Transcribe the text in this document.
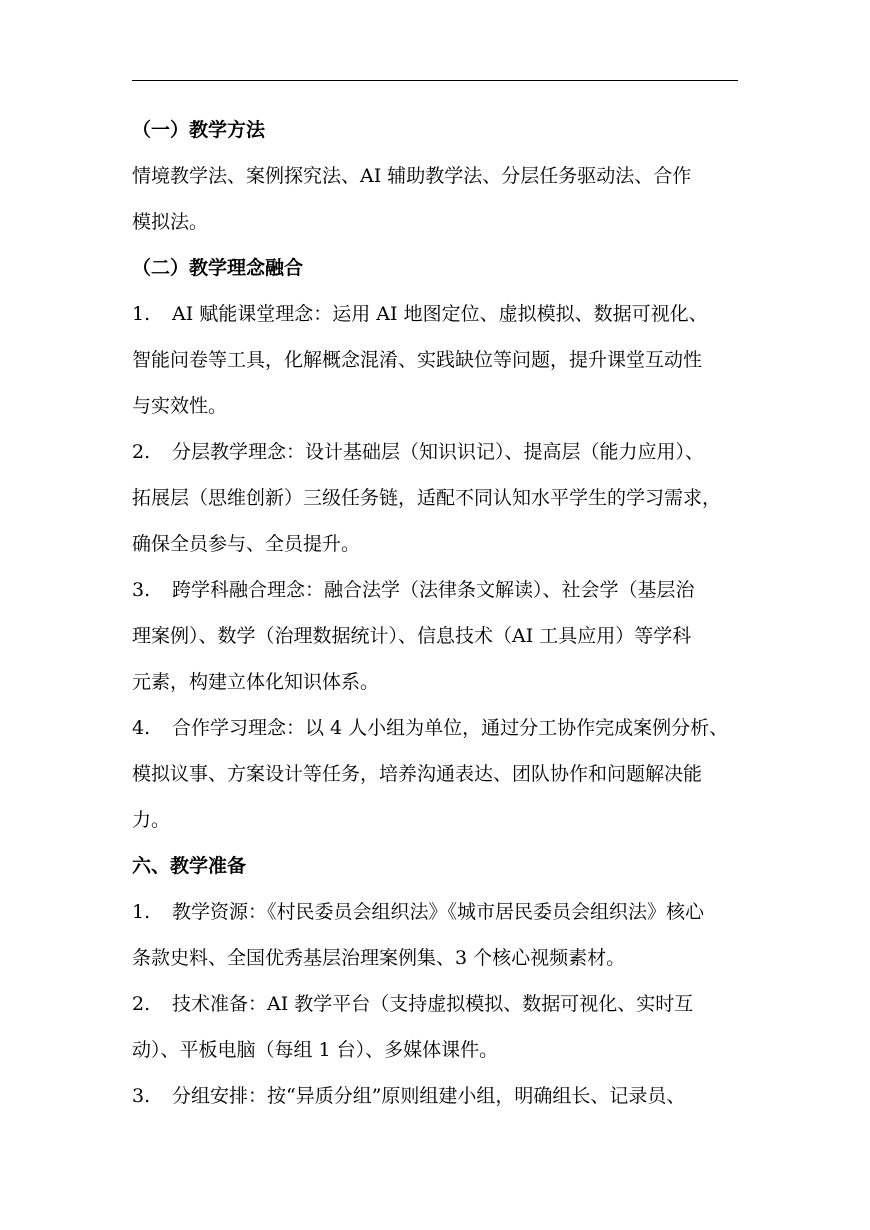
（一）教学方法
情境教学法、案例探究法、AI 辅助教学法、分层任务驱动法、合作
模拟法。
（二）教学理念融合
1. AI 赋能课堂理念：运用 AI 地图定位、虚拟模拟、数据可视化、
智能问卷等工具，化解概念混淆、实践缺位等问题，提升课堂互动性
与实效性。
2. 分层教学理念：设计基础层（知识识记）、提高层（能力应用）、
拓展层（思维创新）三级任务链，适配不同认知水平学生的学习需求，
确保全员参与、全员提升。
3. 跨学科融合理念：融合法学（法律条文解读）、社会学（基层治
理案例）、数学（治理数据统计）、信息技术（AI 工具应用）等学科
元素，构建立体化知识体系。
4. 合作学习理念：以 4 人小组为单位，通过分工协作完成案例分析、
模拟议事、方案设计等任务，培养沟通表达、团队协作和问题解决能
力。
六、教学准备
1. 教学资源：《村民委员会组织法》《城市居民委员会组织法》核心
条款史料、全国优秀基层治理案例集、3 个核心视频素材。
2. 技术准备：AI 教学平台（支持虚拟模拟、数据可视化、实时互
动）、平板电脑（每组 1 台）、多媒体课件。
3. 分组安排：按“异质分组”原则组建小组，明确组长、记录员、
